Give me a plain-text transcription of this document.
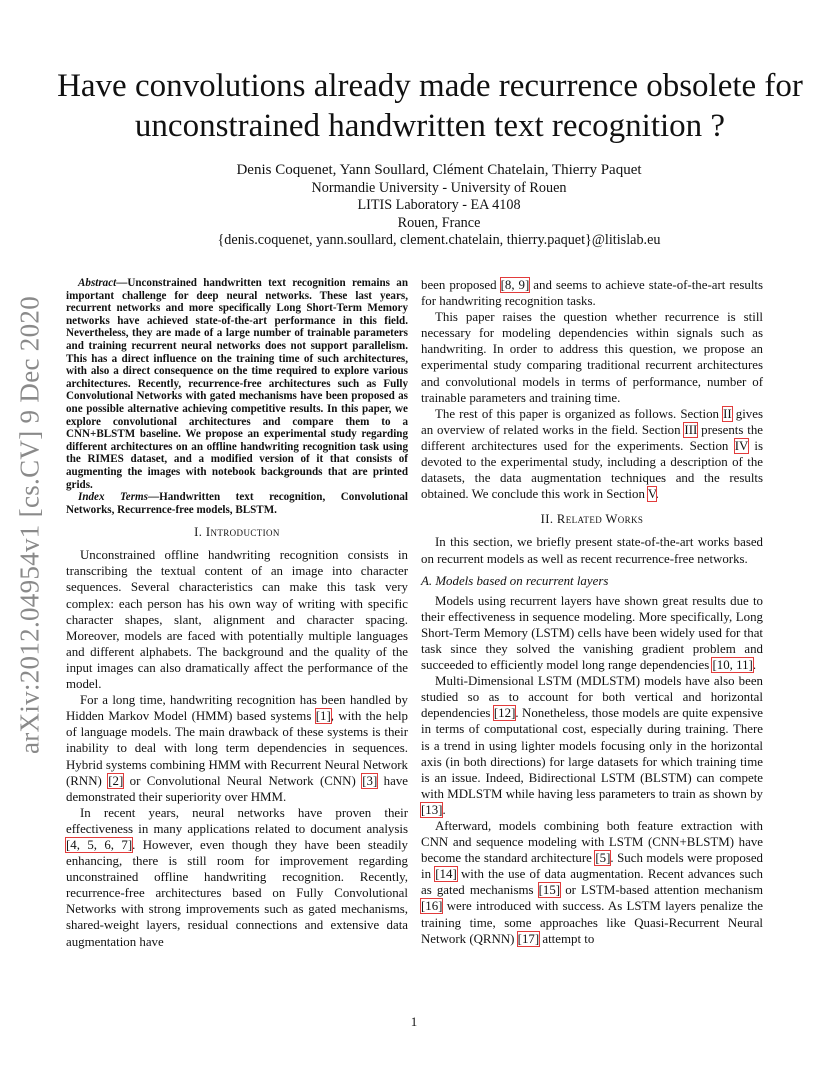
arXiv:2012.04954v1 [cs.CV] 9 Dec 2020
Have convolutions already made recurrence obsolete for unconstrained handwritten text recognition ?
Denis Coquenet, Yann Soullard, Clément Chatelain, Thierry Paquet
Normandie University - University of Rouen
LITIS Laboratory - EA 4108
Rouen, France
{denis.coquenet, yann.soullard, clement.chatelain, thierry.paquet}@litislab.eu

Abstract—Unconstrained handwritten text recognition remains an important challenge for deep neural networks. These last years, recurrent networks and more specifically Long Short-Term Memory networks have achieved state-of-the-art performance in this field. Nevertheless, they are made of a large number of trainable parameters and training recurrent neural networks does not support parallelism. This has a direct influence on the training time of such architectures, with also a direct consequence on the time required to explore various architectures. Recently, recurrence-free architectures such as Fully Convolutional Networks with gated mechanisms have been proposed as one possible alternative achieving competitive results. In this paper, we explore convolutional architectures and compare them to a CNN+BLSTM baseline. We propose an experimental study regarding different architectures on an offline handwriting recognition task using the RIMES dataset, and a modified version of it that consists of augmenting the images with notebook backgrounds that are printed grids.

Index Terms—Handwritten text recognition, Convolutional Networks, Recurrence-free models, BLSTM.

I. Introduction

Unconstrained offline handwriting recognition consists in transcribing the textual content of an image into character sequences. Several characteristics can make this task very complex: each person has his own way of writing with specific character shapes, slant, alignment and character spacing. Moreover, models are faced with potentially multiple languages and different alphabets. The background and the quality of the input images can also dramatically affect the performance of the model.

For a long time, handwriting recognition has been handled by Hidden Markov Model (HMM) based systems [1], with the help of language models. The main drawback of these systems is their inability to deal with long term dependencies in sequences. Hybrid systems combining HMM with Recurrent Neural Network (RNN) [2] or Convolutional Neural Network (CNN) [3] have demonstrated their superiority over HMM.

In recent years, neural networks have proven their effectiveness in many applications related to document analysis [4, 5, 6, 7]. However, even though they have been steadily enhancing, there is still room for improvement regarding unconstrained offline handwriting recognition. Recently, recurrence-free architectures based on Fully Convolutional Networks with strong improvements such as gated mechanisms, shared-weight layers, residual connections and extensive data augmentation have

been proposed [8, 9] and seems to achieve state-of-the-art results for handwriting recognition tasks.

This paper raises the question whether recurrence is still necessary for modeling dependencies within signals such as handwriting. In order to address this question, we propose an experimental study comparing traditional recurrent architectures and convolutional models in terms of performance, number of trainable parameters and training time.

The rest of this paper is organized as follows. Section II gives an overview of related works in the field. Section III presents the different architectures used for the experiments. Section IV is devoted to the experimental study, including a description of the datasets, the data augmentation techniques and the results obtained. We conclude this work in Section V.

II. Related Works

In this section, we briefly present state-of-the-art works based on recurrent models as well as recent recurrence-free networks.

A. Models based on recurrent layers

Models using recurrent layers have shown great results due to their effectiveness in sequence modeling. More specifically, Long Short-Term Memory (LSTM) cells have been widely used for that task since they solved the vanishing gradient problem and succeeded to efficiently model long range dependencies [10, 11].

Multi-Dimensional LSTM (MDLSTM) models have also been studied so as to account for both vertical and horizontal dependencies [12]. Nonetheless, those models are quite expensive in terms of computational cost, especially during training. There is a trend in using lighter models focusing only in the horizontal axis (in both directions) for large datasets for which training time is an issue. Indeed, Bidirectional LSTM (BLSTM) can compete with MDLSTM while having less parameters to train as shown by [13].

Afterward, models combining both feature extraction with CNN and sequence modeling with LSTM (CNN+BLSTM) have become the standard architecture [5]. Such models were proposed in [14] with the use of data augmentation. Recent advances such as gated mechanisms [15] or LSTM-based attention mechanism [16] were introduced with success. As LSTM layers penalize the training time, some approaches like Quasi-Recurrent Neural Network (QRNN) [17] attempt to

1
